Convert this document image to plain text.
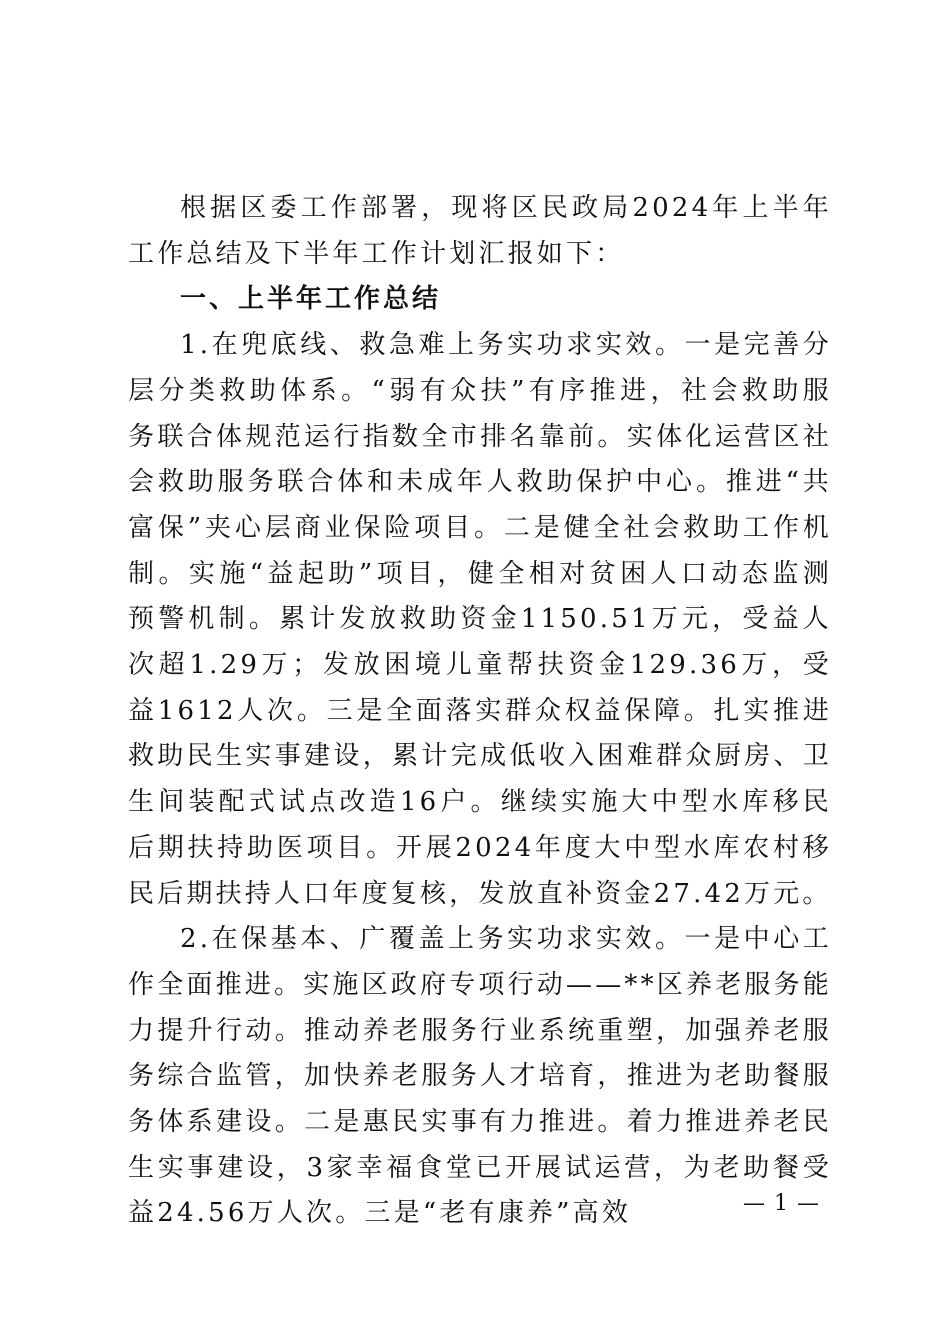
根据区委工作部署，现将区民政局2024年上半年工作总结及下半年工作计划汇报如下：

一、上半年工作总结

1.在兜底线、救急难上务实功求实效。一是完善分层分类救助体系。“弱有众扶”有序推进，社会救助服务联合体规范运行指数全市排名靠前。实体化运营区社会救助服务联合体和未成年人救助保护中心。推进“共富保”夹心层商业保险项目。二是健全社会救助工作机制。实施“益起助”项目，健全相对贫困人口动态监测预警机制。累计发放救助资金1150.51万元，受益人次超1.29万；发放困境儿童帮扶资金129.36万，受益1612人次。三是全面落实群众权益保障。扎实推进救助民生实事建设，累计完成低收入困难群众厨房、卫生间装配式试点改造16户。继续实施大中型水库移民后期扶持助医项目。开展2024年度大中型水库农村移民后期扶持人口年度复核，发放直补资金27.42万元。

2.在保基本、广覆盖上务实功求实效。一是中心工作全面推进。实施区政府专项行动——**区养老服务能力提升行动。推动养老服务行业系统重塑，加强养老服务综合监管，加快养老服务人才培育，推进为老助餐服务体系建设。二是惠民实事有力推进。着力推进养老民生实事建设，3家幸福食堂已开展试运营，为老助餐受益24.56万人次。三是“老有康养”高效	— 1 —
